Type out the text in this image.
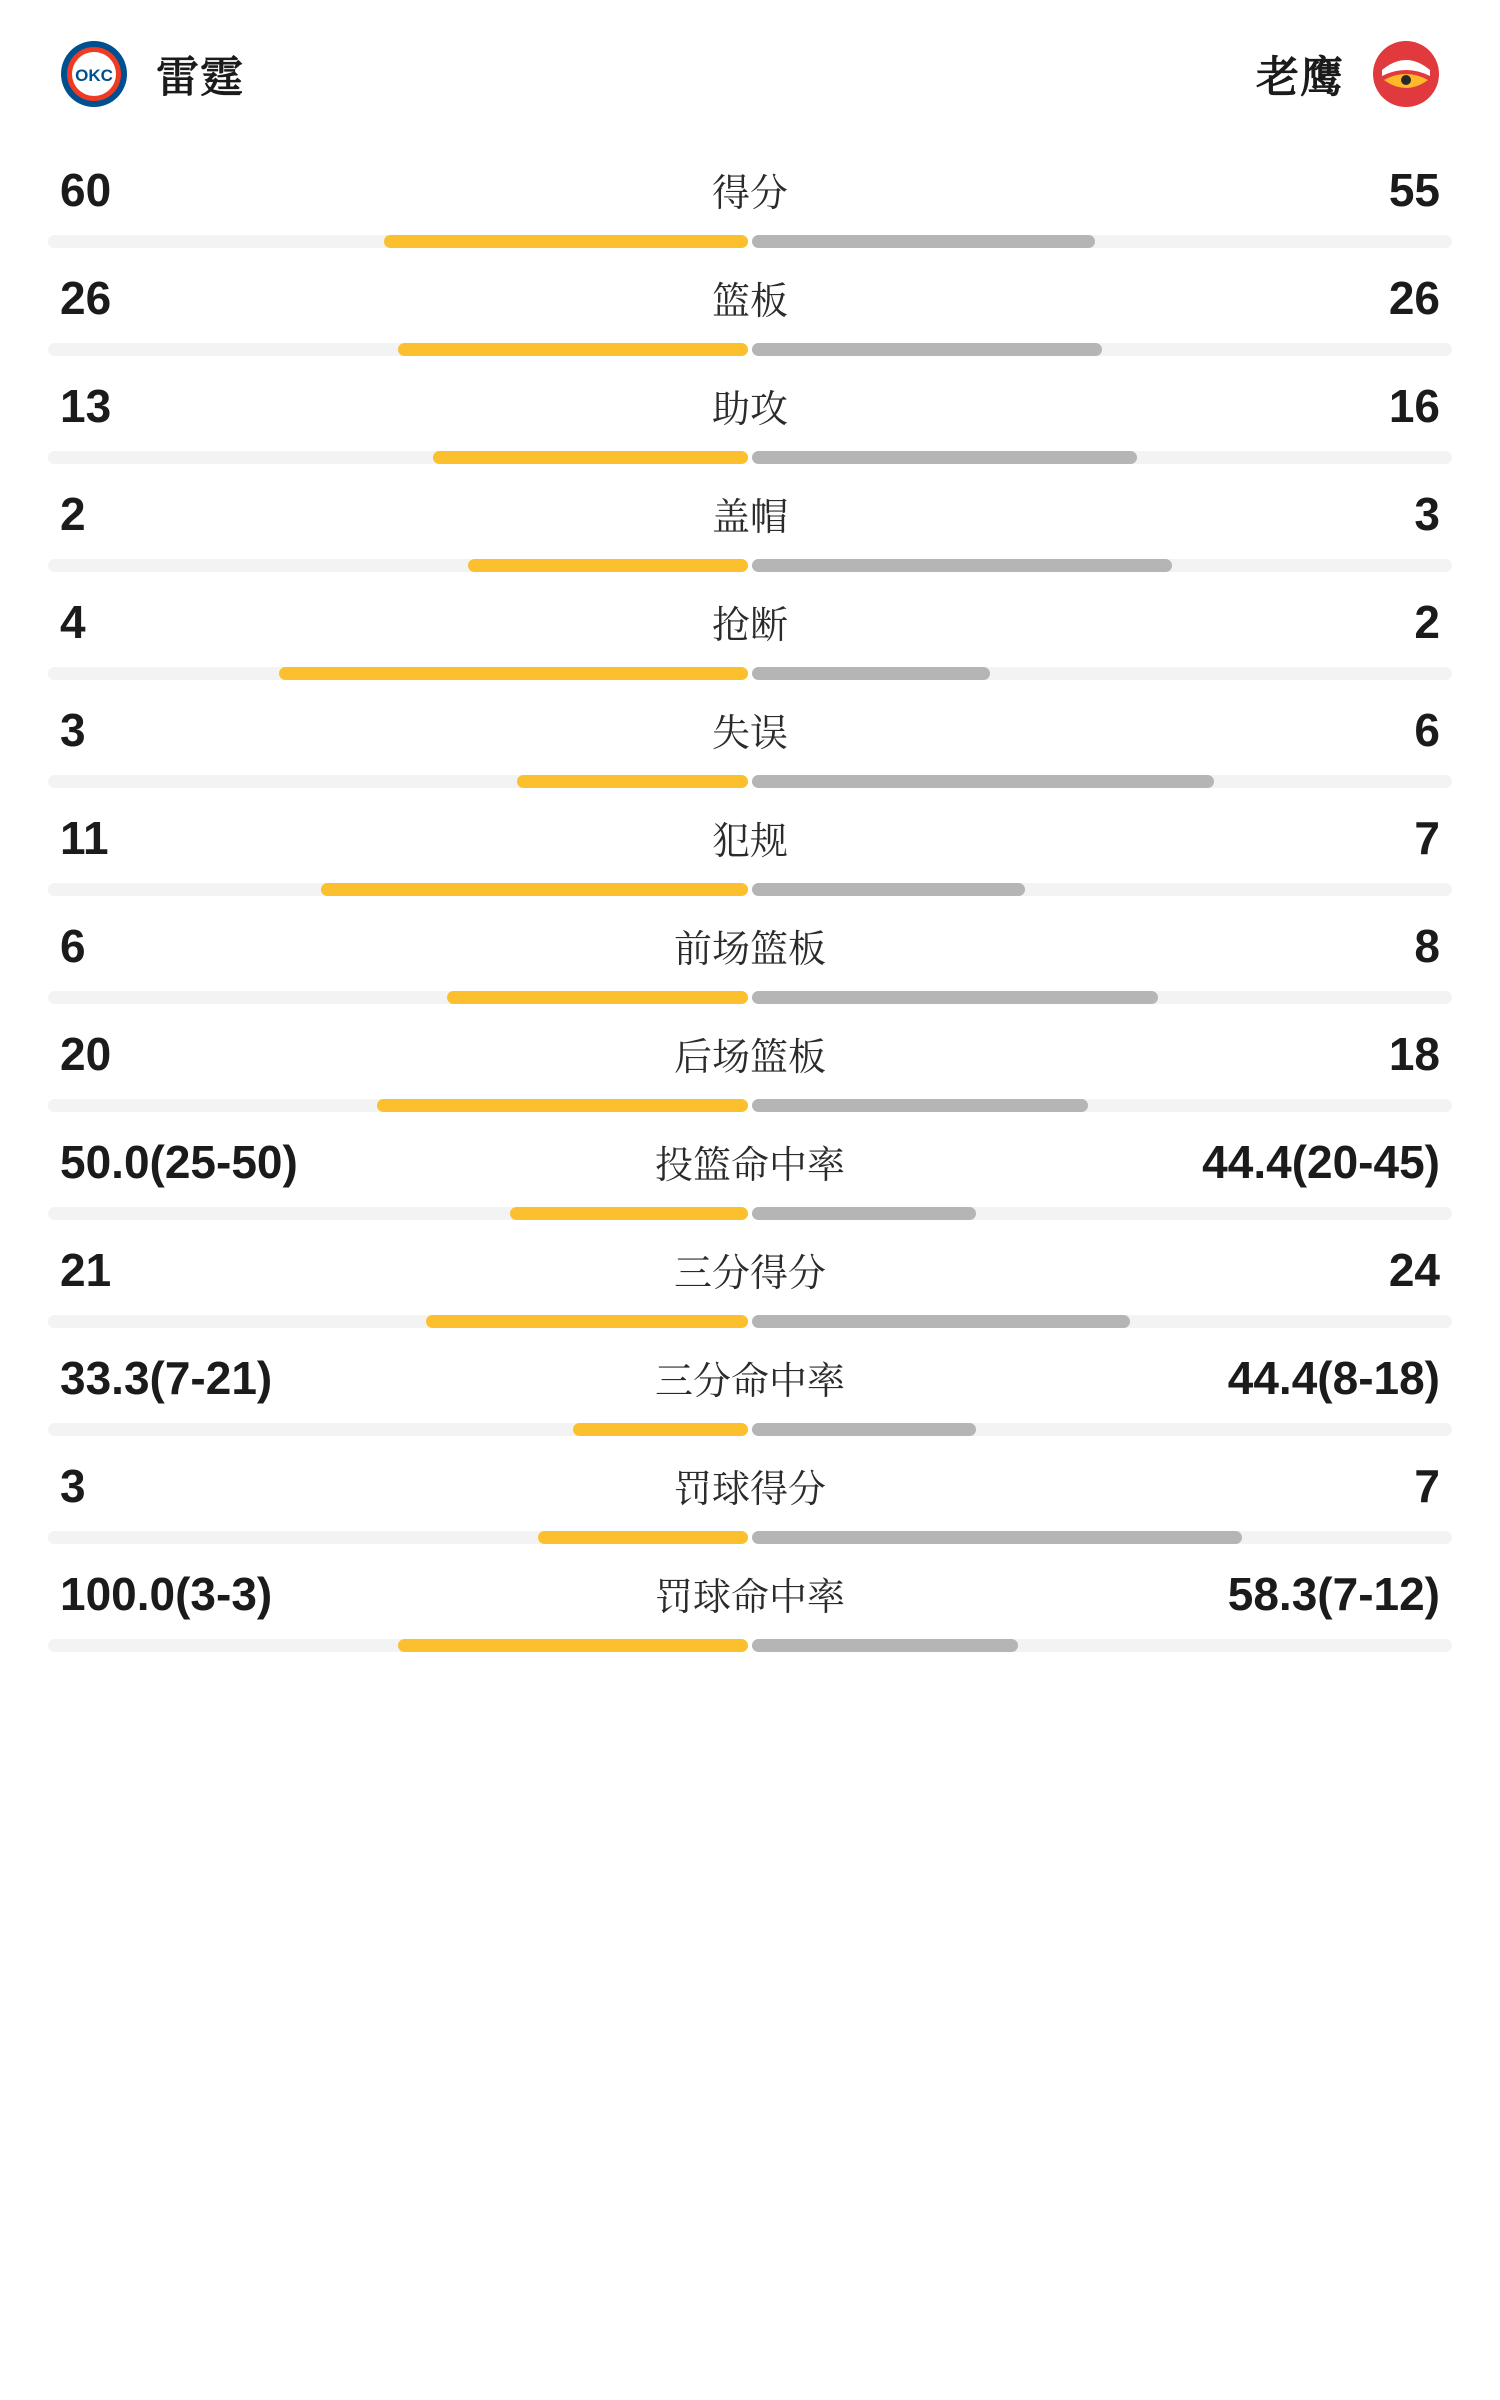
OKC 雷霆	老鹰
60	得分	55
26	篮板	26
13	助攻	16
2	盖帽	3
4	抢断	2
3	失误	6
11	犯规	7
6	前场篮板	8
20	后场篮板	18
50.0(25-50)	投篮命中率	44.4(20-45)
21	三分得分	24
33.3(7-21)	三分命中率	44.4(8-18)
3	罚球得分	7
100.0(3-3)	罚球命中率	58.3(7-12)
